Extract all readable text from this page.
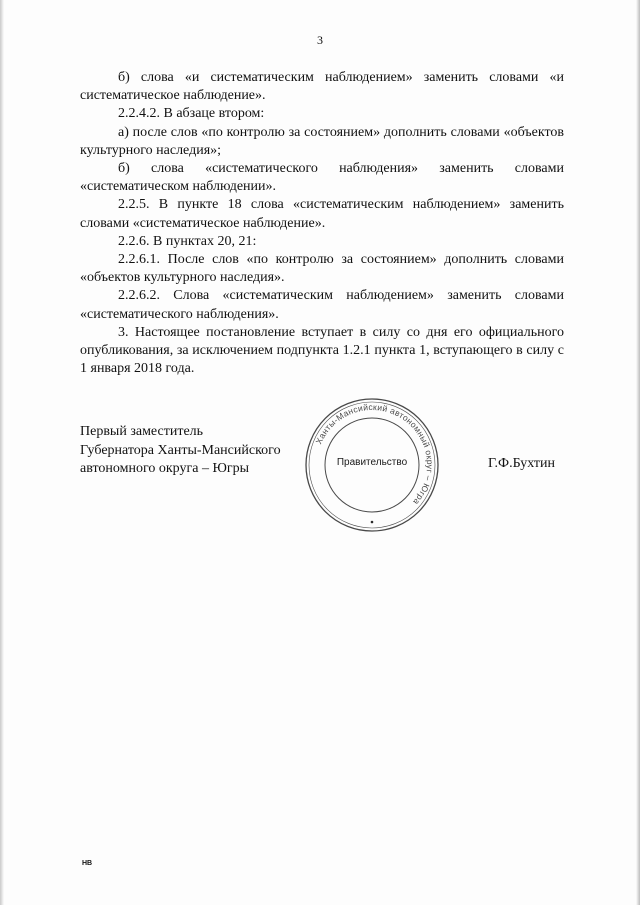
3

б) слова «и систематическим наблюдением» заменить словами «и систематическое наблюдение».

2.2.4.2. В абзаце втором:

а) после слов «по контролю за состоянием» дополнить словами «объектов культурного наследия»;

б) слова «систематического наблюдения» заменить словами «систематическом наблюдении».

2.2.5. В пункте 18 слова «систематическим наблюдением» заменить словами «систематическое наблюдение».

2.2.6. В пунктах 20, 21:

2.2.6.1. После слов «по контролю за состоянием» дополнить словами «объектов культурного наследия».

2.2.6.2. Слова «систематическим наблюдением» заменить словами «систематического наблюдения».

3. Настоящее постановление вступает в силу со дня его официального опубликования, за исключением подпункта 1.2.1 пункта 1, вступающего в силу с 1 января 2018 года.

Первый заместитель
Губернатора Ханты-Мансийского
автономного округа – Югры
Ханты-Мансийский автономный округ – Югра
Правительство	Г.Ф.Бухтин
НВ
